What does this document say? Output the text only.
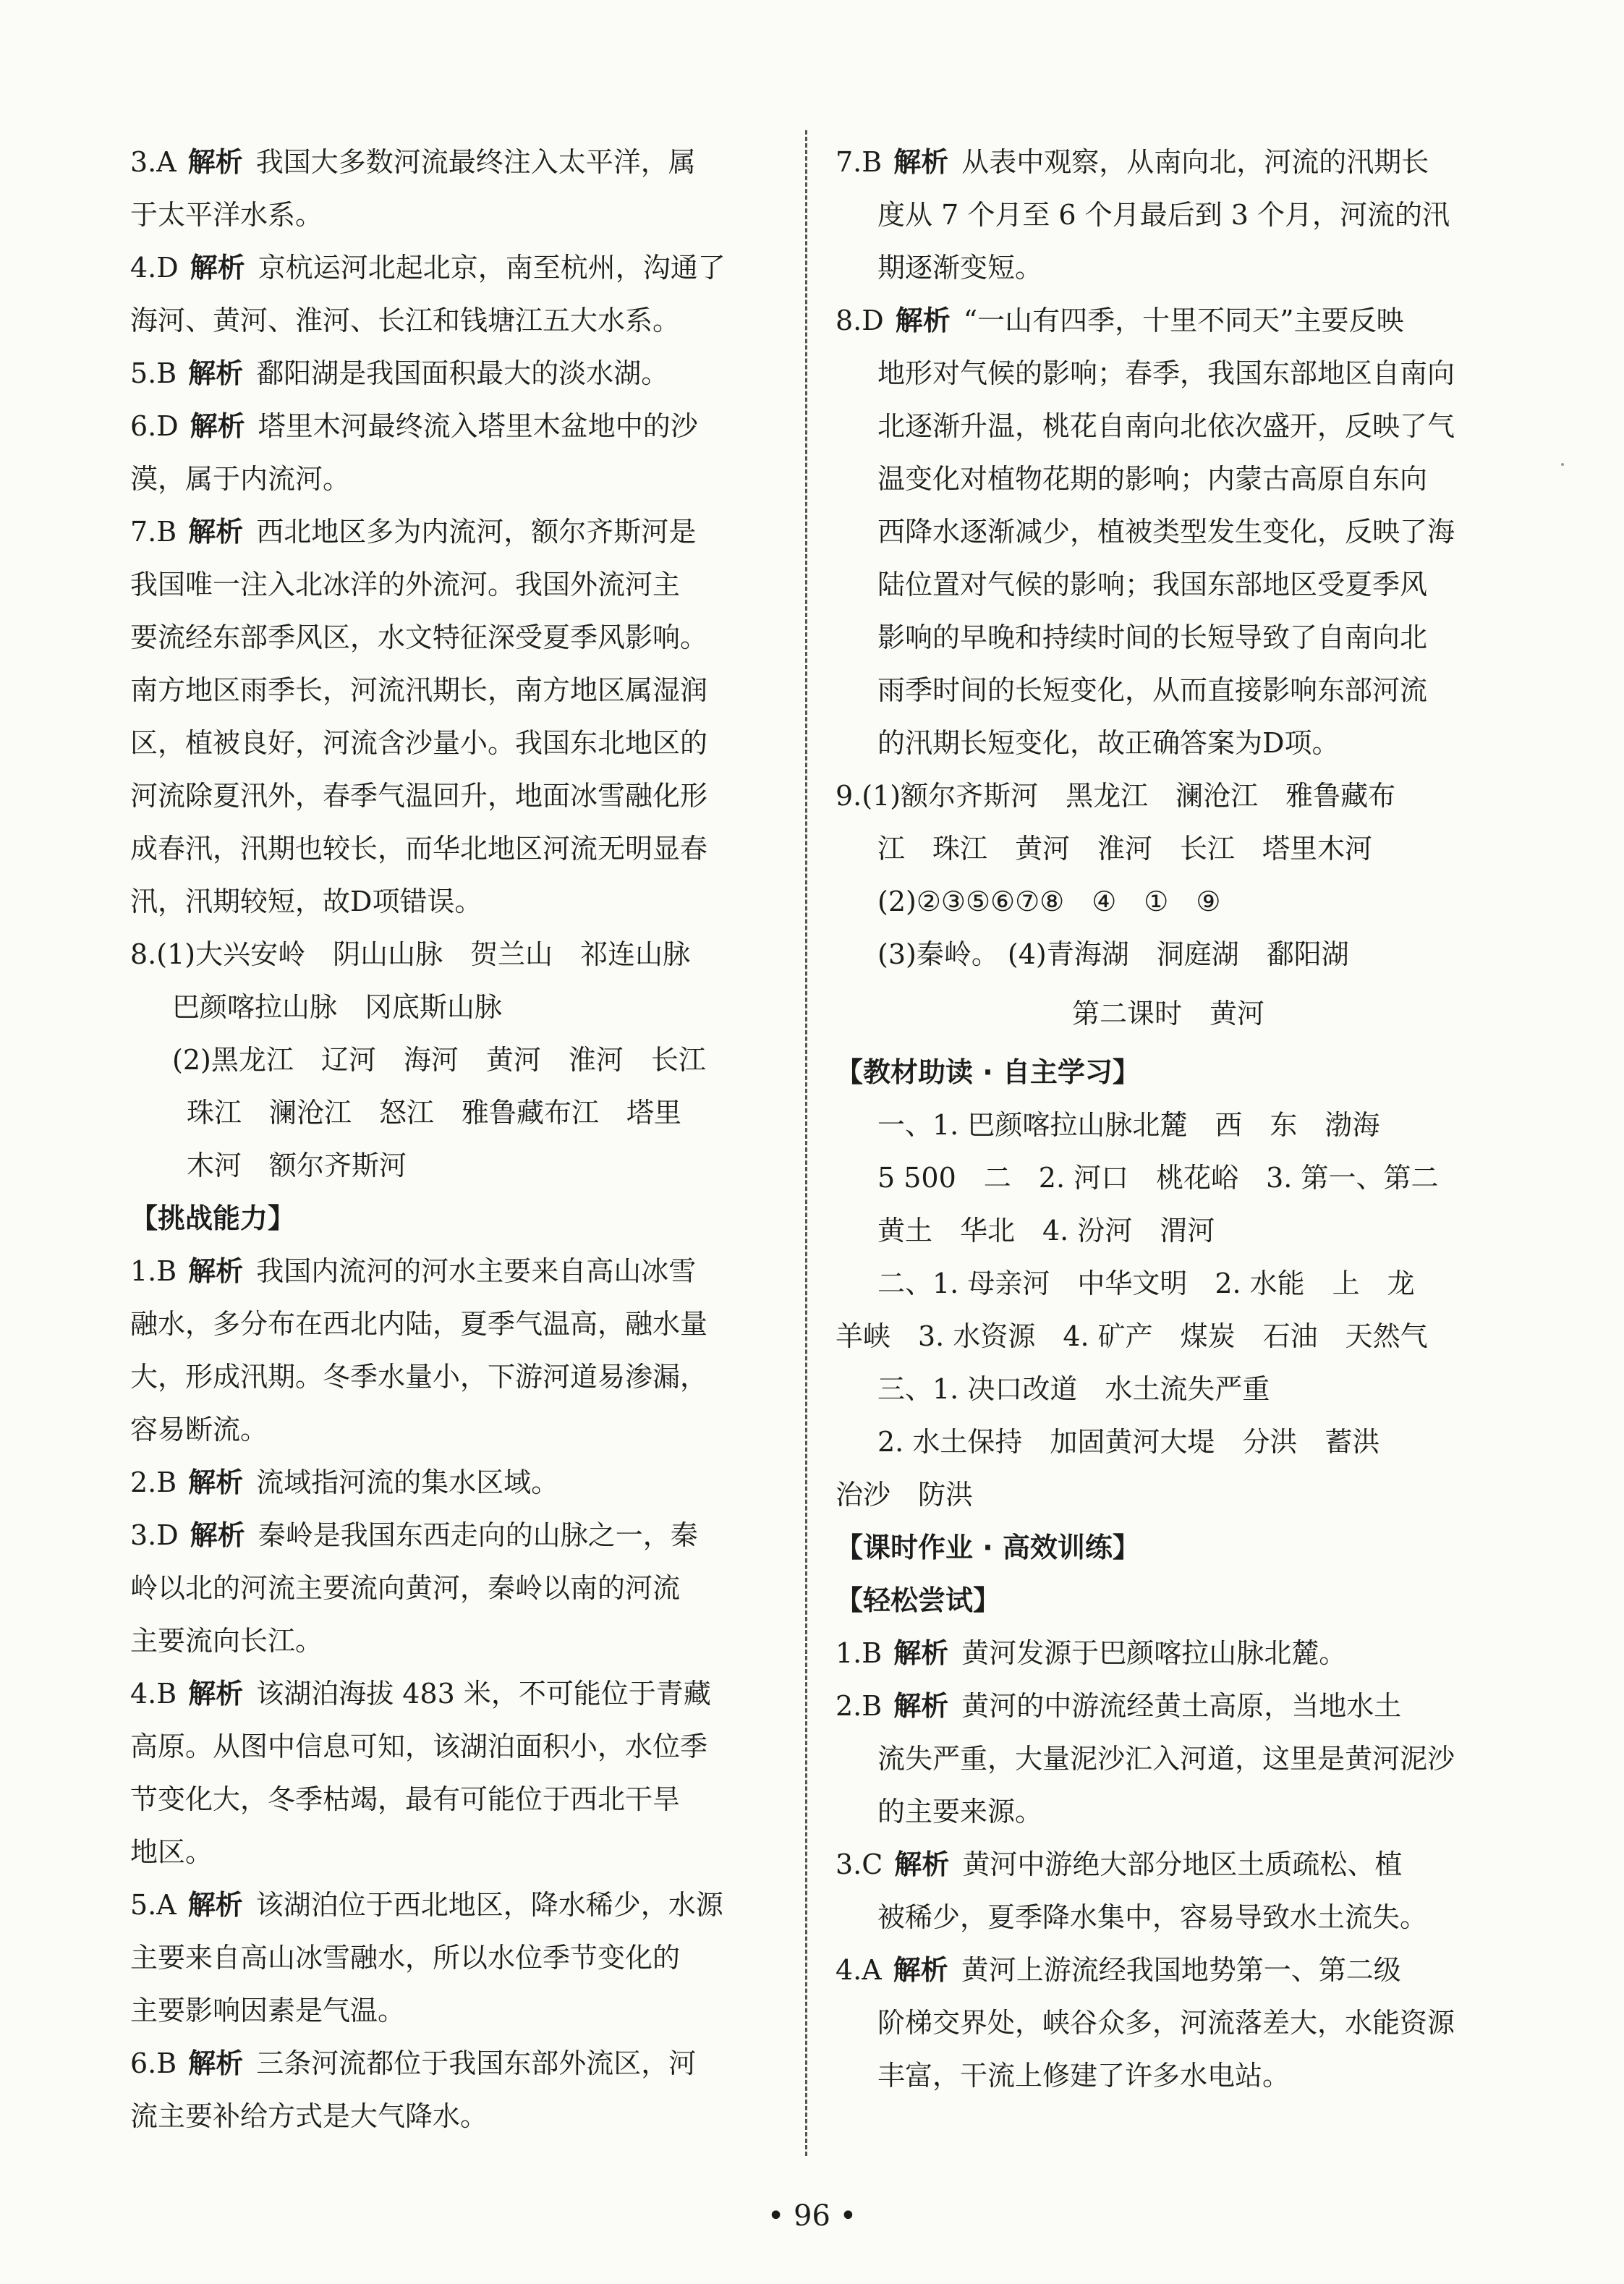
3.A 解析 我国大多数河流最终注入太平洋，属
于太平洋水系。
4.D 解析 京杭运河北起北京，南至杭州，沟通了
海河、黄河、淮河、长江和钱塘江五大水系。
5.B 解析 鄱阳湖是我国面积最大的淡水湖。
6.D 解析 塔里木河最终流入塔里木盆地中的沙
漠，属于内流河。
7.B 解析 西北地区多为内流河，额尔齐斯河是
我国唯一注入北冰洋的外流河。我国外流河主
要流经东部季风区，水文特征深受夏季风影响。
南方地区雨季长，河流汛期长，南方地区属湿润
区，植被良好，河流含沙量小。我国东北地区的
河流除夏汛外，春季气温回升，地面冰雪融化形
成春汛，汛期也较长，而华北地区河流无明显春
汛，汛期较短，故D项错误。
8.(1)大兴安岭　阴山山脉　贺兰山　祁连山脉
巴颜喀拉山脉　冈底斯山脉
(2)黑龙江　辽河　海河　黄河　淮河　长江
珠江　澜沧江　怒江　雅鲁藏布江　塔里
木河　额尔齐斯河
【挑战能力】
1.B 解析 我国内流河的河水主要来自高山冰雪
融水，多分布在西北内陆，夏季气温高，融水量
大，形成汛期。冬季水量小，下游河道易渗漏，
容易断流。
2.B 解析 流域指河流的集水区域。
3.D 解析 秦岭是我国东西走向的山脉之一，秦
岭以北的河流主要流向黄河，秦岭以南的河流
主要流向长江。
4.B 解析 该湖泊海拔 483 米，不可能位于青藏
高原。从图中信息可知，该湖泊面积小，水位季
节变化大，冬季枯竭，最有可能位于西北干旱
地区。
5.A 解析 该湖泊位于西北地区，降水稀少，水源
主要来自高山冰雪融水，所以水位季节变化的
主要影响因素是气温。
6.B 解析 三条河流都位于我国东部外流区，河
流主要补给方式是大气降水。
7.B 解析 从表中观察，从南向北，河流的汛期长
度从 7 个月至 6 个月最后到 3 个月，河流的汛
期逐渐变短。
8.D 解析 “一山有四季，十里不同天”主要反映
地形对气候的影响；春季，我国东部地区自南向
北逐渐升温，桃花自南向北依次盛开，反映了气
温变化对植物花期的影响；内蒙古高原自东向
西降水逐渐减少，植被类型发生变化，反映了海
陆位置对气候的影响；我国东部地区受夏季风
影响的早晚和持续时间的长短导致了自南向北
雨季时间的长短变化，从而直接影响东部河流
的汛期长短变化，故正确答案为D项。
9.(1)额尔齐斯河　黑龙江　澜沧江　雅鲁藏布
江　珠江　黄河　淮河　长江　塔里木河
(2)②③⑤⑥⑦⑧　④　①　⑨
(3)秦岭。 (4)青海湖　洞庭湖　鄱阳湖
第二课时　黄河
【教材助读 · 自主学习】
一、1. 巴颜喀拉山脉北麓　西　东　渤海
5 500　二　2. 河口　桃花峪　3. 第一、第二
黄土　华北　4. 汾河　渭河
二、1. 母亲河　中华文明　2. 水能　上　龙
羊峡　3. 水资源　4. 矿产　煤炭　石油　天然气
三、1. 决口改道　水土流失严重
2. 水土保持　加固黄河大堤　分洪　蓄洪
治沙　防洪
【课时作业 · 高效训练】
【轻松尝试】
1.B 解析 黄河发源于巴颜喀拉山脉北麓。
2.B 解析 黄河的中游流经黄土高原，当地水土
流失严重，大量泥沙汇入河道，这里是黄河泥沙
的主要来源。
3.C 解析 黄河中游绝大部分地区土质疏松、植
被稀少，夏季降水集中，容易导致水土流失。
4.A 解析 黄河上游流经我国地势第一、第二级
阶梯交界处，峡谷众多，河流落差大，水能资源
丰富，干流上修建了许多水电站。
• 96 •
